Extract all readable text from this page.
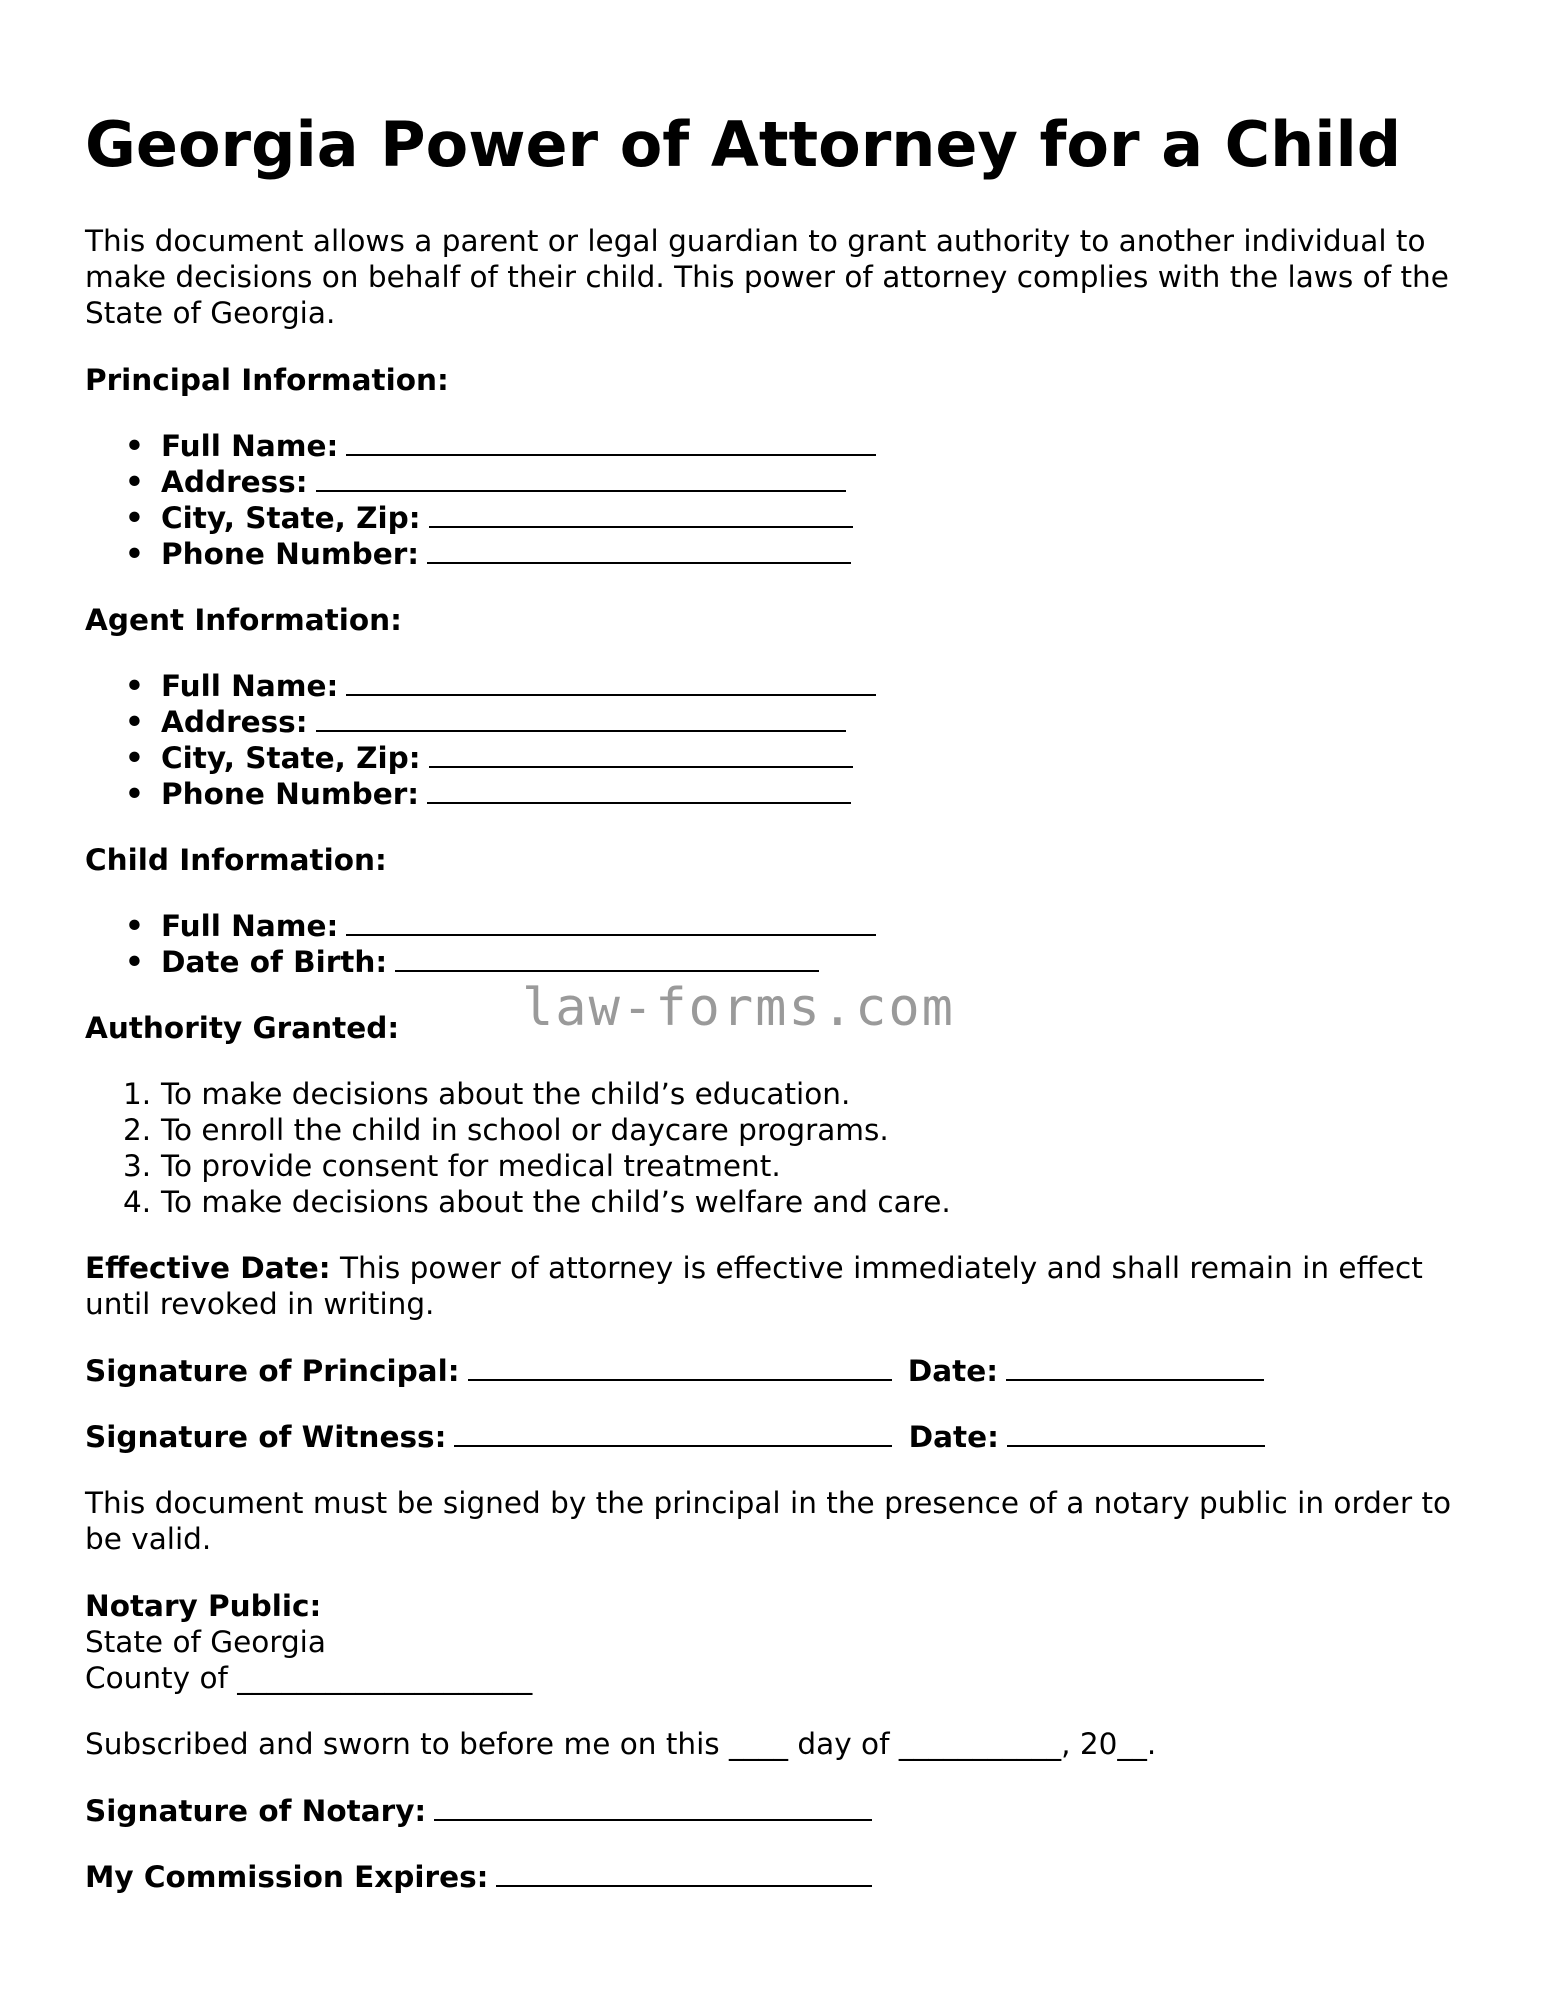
Georgia Power of Attorney for a Child
This document allows a parent or legal guardian to grant authority to another individual to make decisions on behalf of their child. This power of attorney complies with the laws of the State of Georgia.
Principal Information:
• Full Name:
• Address:
• City, State, Zip:
• Phone Number:
Agent Information:
• Full Name:
• Address:
• City, State, Zip:
• Phone Number:
Child Information:
• Full Name:
• Date of Birth:
Authority Granted:
1. To make decisions about the child’s education.
2. To enroll the child in school or daycare programs.
3. To provide consent for medical treatment.
4. To make decisions about the child’s welfare and care.
Effective Date: This power of attorney is effective immediately and shall remain in effect until revoked in writing.
Signature of Principal:	Date:
Signature of Witness:	Date:
This document must be signed by the principal in the presence of a notary public in order to be valid.
Notary Public:
State of Georgia
County of ____________________
Subscribed and sworn to before me on this ____ day of ___________, 20__.
Signature of Notary:
My Commission Expires:
law-forms.com
